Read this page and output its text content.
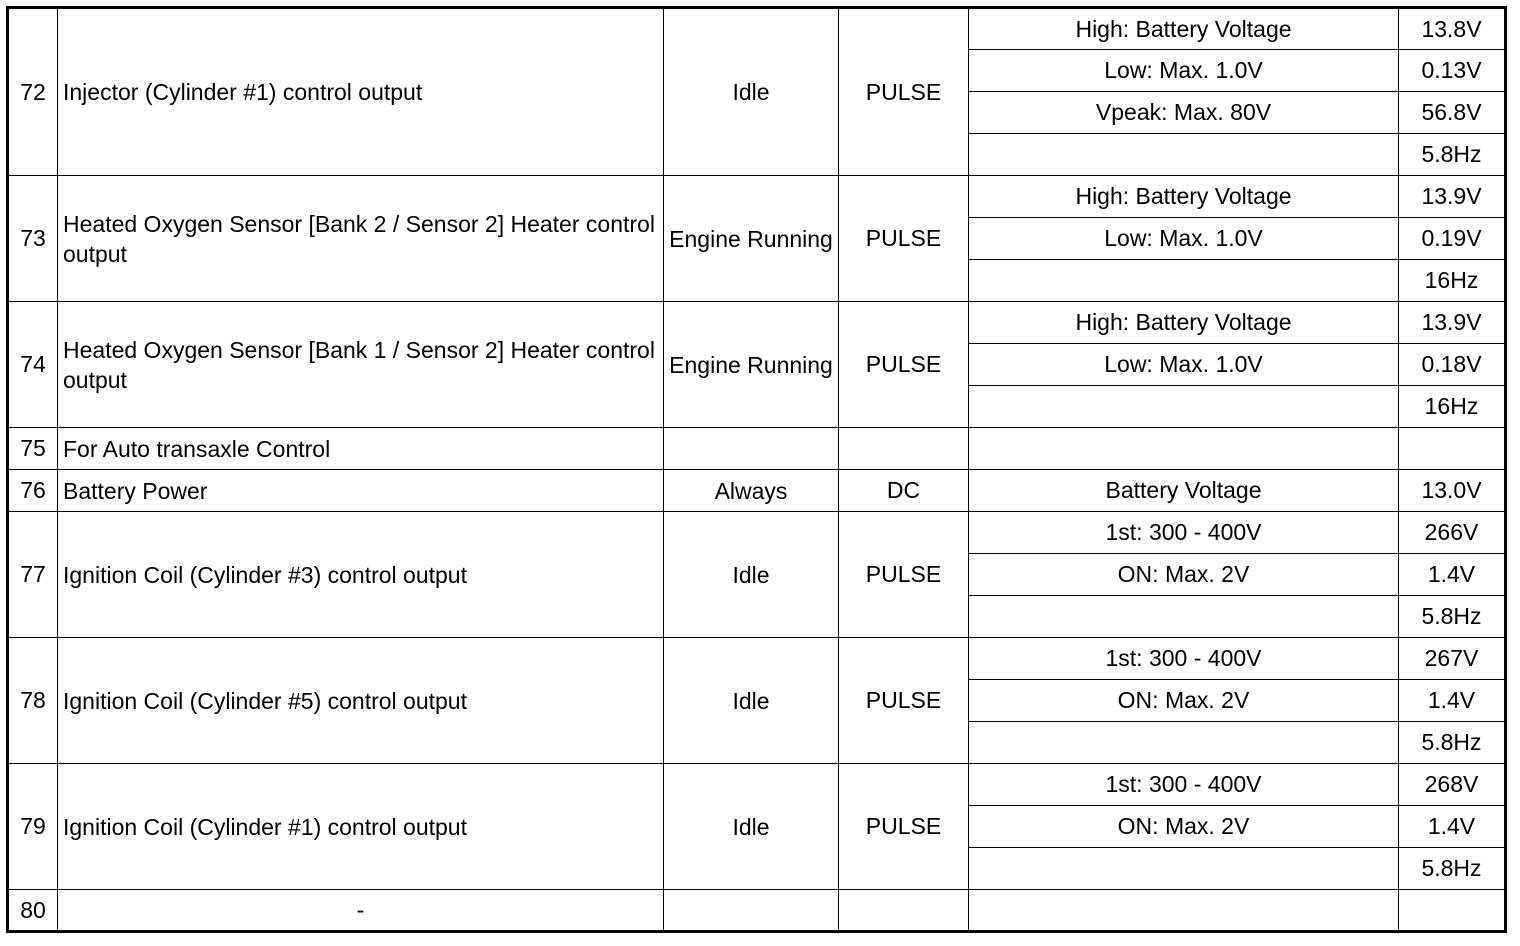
72	Injector (Cylinder #1) control output	Idle	PULSE	High: Battery Voltage	13.8V
				Low: Max. 1.0V	0.13V
				Vpeak: Max. 80V	56.8V
					5.8Hz
73	Heated Oxygen Sensor [Bank 2 / Sensor 2] Heater control output	Engine Running	PULSE	High: Battery Voltage	13.9V
				Low: Max. 1.0V	0.19V
					16Hz
74	Heated Oxygen Sensor [Bank 1 / Sensor 2] Heater control output	Engine Running	PULSE	High: Battery Voltage	13.9V
				Low: Max. 1.0V	0.18V
					16Hz
75	For Auto transaxle Control				
76	Battery Power	Always	DC	Battery Voltage	13.0V
77	Ignition Coil (Cylinder #3) control output	Idle	PULSE	1st: 300 - 400V	266V
				ON: Max. 2V	1.4V
					5.8Hz
78	Ignition Coil (Cylinder #5) control output	Idle	PULSE	1st: 300 - 400V	267V
				ON: Max. 2V	1.4V
					5.8Hz
79	Ignition Coil (Cylinder #1) control output	Idle	PULSE	1st: 300 - 400V	268V
				ON: Max. 2V	1.4V
					5.8Hz
80	-				
